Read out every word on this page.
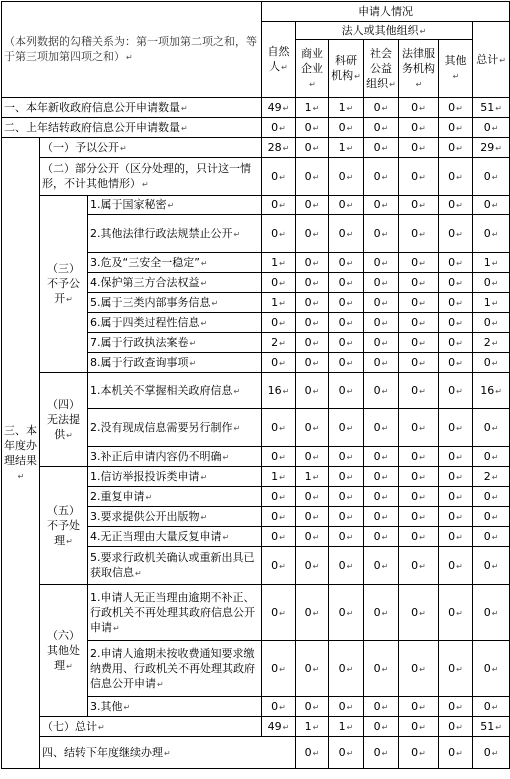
（本列数据的勾稽关系为：第一项加第二项之和，等于第三项加第四项之和）↵			申请人情况							
			自然人↵	法人或其他组织↵					总计↵	
				商业企业↵	科研机构↵	社会公益组织↵	法律服务机构↵	其他↵		
一、本年新收政府信息公开申请数量↵			49↵	1↵	1↵	0↵	0↵	0↵	51↵	
二、上年结转政府信息公开申请数量↵			0↵	0↵	0↵	0↵	0↵	0↵	0↵	
三、本年度办理结果↵	（一）予以公开↵		28↵	0↵	1↵	0↵	0↵	0↵	29↵	
	（二）部分公开（区分处理的，只计这一情形，不计其他情形）↵		0↵	0↵	0↵	0↵	0↵	0↵	0↵	
	（三）不予公开↵	1.属于国家秘密↵	0↵	0↵	0↵	0↵	0↵	0↵	0↵	
		2.其他法律行政法规禁止公开↵	0↵	0↵	0↵	0↵	0↵	0↵	0↵	
		3.危及“三安全一稳定”↵	1↵	0↵	0↵	0↵	0↵	0↵	1↵	
		4.保护第三方合法权益↵	0↵	0↵	0↵	0↵	0↵	0↵	0↵	
		5.属于三类内部事务信息↵	1↵	0↵	0↵	0↵	0↵	0↵	1↵	
		6.属于四类过程性信息↵	0↵	0↵	0↵	0↵	0↵	0↵	0↵	
		7.属于行政执法案卷↵	2↵	0↵	0↵	0↵	0↵	0↵	2↵	
		8.属于行政查询事项↵	0↵	0↵	0↵	0↵	0↵	0↵	0↵	
	（四）无法提供↵	1.本机关不掌握相关政府信息↵	16↵	0↵	0↵	0↵	0↵	0↵	16↵	
		2.没有现成信息需要另行制作↵	0↵	0↵	0↵	0↵	0↵	0↵	0↵	
		3.补正后申请内容仍不明确↵	0↵	0↵	0↵	0↵	0↵	0↵	0↵	
	（五）不予处理↵	1.信访举报投诉类申请↵	1↵	1↵	0↵	0↵	0↵	0↵	2↵	
		2.重复申请↵	0↵	0↵	0↵	0↵	0↵	0↵	0↵	
		3.要求提供公开出版物↵	0↵	0↵	0↵	0↵	0↵	0↵	0↵	
		4.无正当理由大量反复申请↵	0↵	0↵	0↵	0↵	0↵	0↵	0↵	
		5.要求行政机关确认或重新出具已获取信息↵	0↵	0↵	0↵	0↵	0↵	0↵	0↵	
	（六）其他处理↵	1.申请人无正当理由逾期不补正、行政机关不再处理其政府信息公开申请↵	0↵	0↵	0↵	0↵	0↵	0↵	0↵	
		2.申请人逾期未按收费通知要求缴纳费用、行政机关不再处理其政府信息公开申请↵	0↵	0↵	0↵	0↵	0↵	0↵	0↵	
		3.其他↵	0↵	0↵	0↵	0↵	0↵	0↵	0↵	
	（七）总计↵		49↵	1↵	1↵	0↵	0↵	0↵	51↵	
	四、结转下年度继续办理↵			0↵	0↵	0↵	0↵	0↵	0↵	
